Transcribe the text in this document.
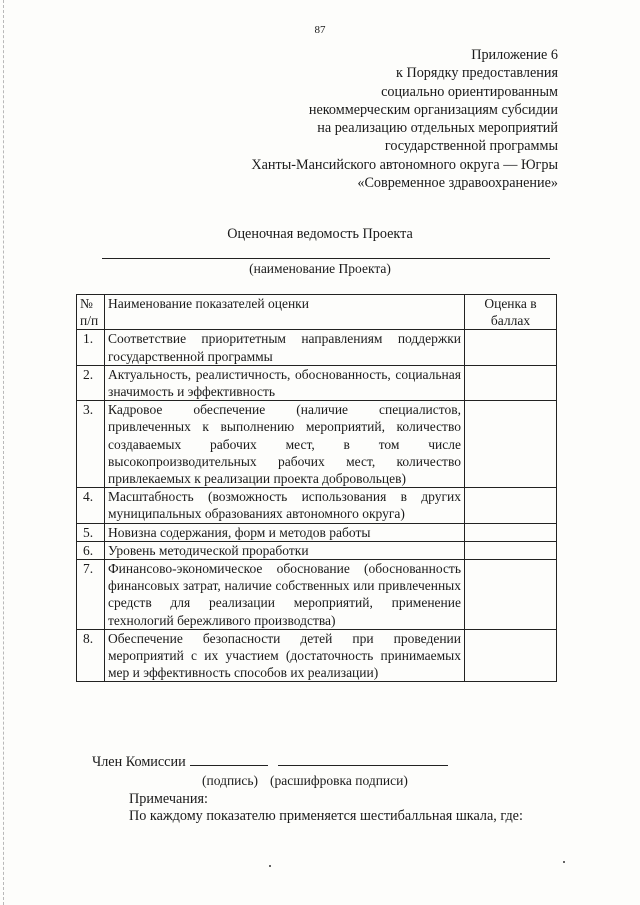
87
Приложение 6
к Порядку предоставления
социально ориентированным
некоммерческим организациям субсидии
на реализацию отдельных мероприятий
государственной программы
Ханты-Мансийского автономного округа — Югры
«Современное здравоохранение»
Оценочная ведомость Проекта
(наименование Проекта)
№ п/п	Наименование показателей оценки	Оценка в баллах
1.	Соответствие приоритетным направлениям поддержки государственной программы	
2.	Актуальность, реалистичность, обоснованность, социальная значимость и эффективность	
3.	Кадровое обеспечение (наличие специалистов, привлеченных к выполнению мероприятий, количество создаваемых рабочих мест, в том числе высокопроизводительных рабочих мест, количество привлекаемых к реализации проекта добровольцев)	
4.	Масштабность (возможность использования в других муниципальных образованиях автономного округа)	
5.	Новизна содержания, форм и методов работы	
6.	Уровень методической проработки	
7.	Финансово-экономическое обоснование (обоснованность финансовых затрат, наличие собственных или привлеченных средств для реализации мероприятий, применение технологий бережливого производства)	
8.	Обеспечение безопасности детей при проведении мероприятий с их участием (достаточность принимаемых мер и эффективность способов их реализации)	
Член Комиссии
(подпись) (расшифровка подписи)
Примечания:
По каждому показателю применяется шестибалльная шкала, где:
